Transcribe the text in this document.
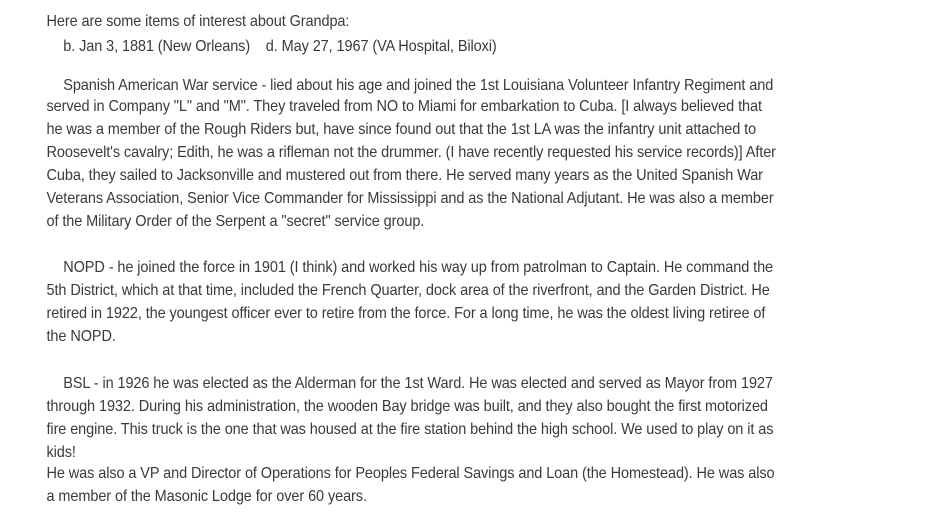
Here are some items of interest about Grandpa:
b. Jan 3, 1881 (New Orleans)    d. May 27, 1967 (VA Hospital, Biloxi)
Spanish American War service - lied about his age and joined the 1st Louisiana Volunteer Infantry Regiment and
served in Company "L" and "M". They traveled from NO to Miami for embarkation to Cuba. [I always believed that
he was a member of the Rough Riders but, have since found out that the 1st LA was the infantry unit attached to
Roosevelt's cavalry; Edith, he was a rifleman not the drummer. (I have recently requested his service records)] After
Cuba, they sailed to Jacksonville and mustered out from there. He served many years as the United Spanish War
Veterans Association, Senior Vice Commander for Mississippi and as the National Adjutant. He was also a member
of the Military Order of the Serpent a "secret" service group.
NOPD - he joined the force in 1901 (I think) and worked his way up from patrolman to Captain. He command the
5th District, which at that time, included the French Quarter, dock area of the riverfront, and the Garden District. He
retired in 1922, the youngest officer ever to retire from the force. For a long time, he was the oldest living retiree of
the NOPD.
BSL - in 1926 he was elected as the Alderman for the 1st Ward. He was elected and served as Mayor from 1927
through 1932. During his administration, the wooden Bay bridge was built, and they also bought the first motorized
fire engine. This truck is the one that was housed at the fire station behind the high school. We used to play on it as
kids!
He was also a VP and Director of Operations for Peoples Federal Savings and Loan (the Homestead). He was also
a member of the Masonic Lodge for over 60 years.
